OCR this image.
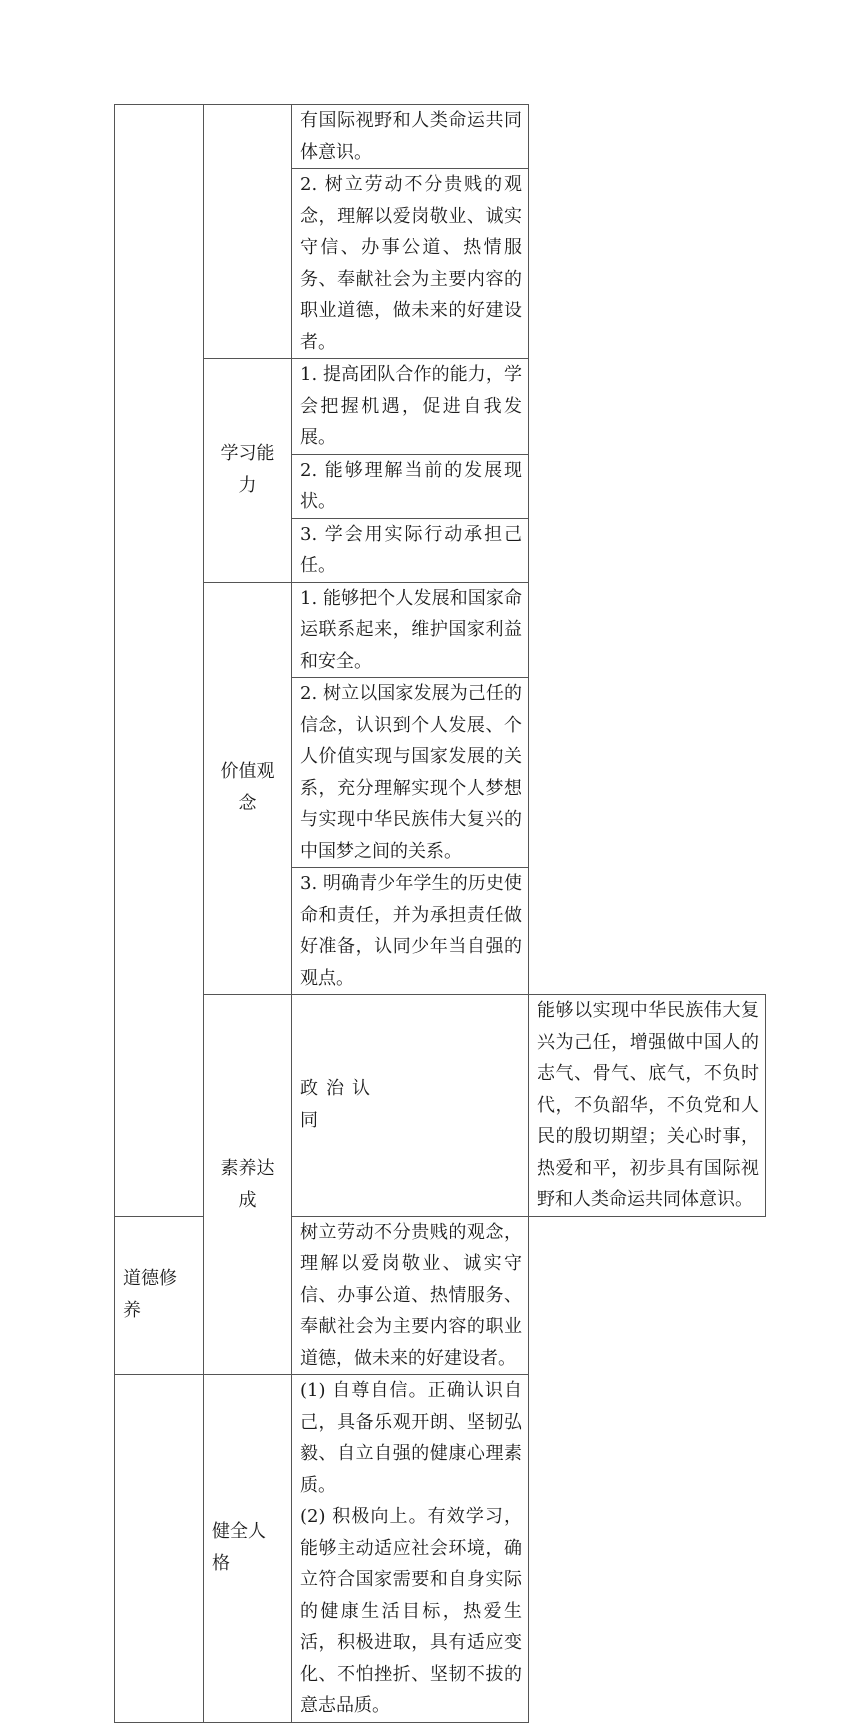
		有国际视野和人类命运共同体意识。	
		2. 树立劳动不分贵贱的观念，理解以爱岗敬业、诚实守信、办事公道、热情服务、奉献社会为主要内容的职业道德，做未来的好建设者。	

	学习能
力	1. 提高团队合作的能力，学会把握机遇，促进自我发展。	
		2. 能够理解当前的发展现状。	
		3. 学会用实际行动承担己任。	

	价值观
念	1. 能够把个人发展和国家命运联系起来，维护国家利益和安全。	
		2. 树立以国家发展为己任的信念，认识到个人发展、个人价值实现与国家发展的关系，充分理解实现个人梦想与实现中华民族伟大复兴的中国梦之间的关系。	
		3. 明确青少年学生的历史使命和责任，并为承担责任做好准备，认同少年当自强的观点。	

	素养达
成	政治认
同	能够以实现中华民族伟大复兴为己任，增强做中国人的志气、骨气、底气，不负时代，不负韶华，不负党和人民的殷切期望；关心时事，热爱和平，初步具有国际视野和人类命运共同体意识。

道德修
养		树立劳动不分贵贱的观念，理解以爱岗敬业、诚实守信、办事公道、热情服务、奉献社会为主要内容的职业道德，做未来的好建设者。	

	健全人
格	(1) 自尊自信。正确认识自己，具备乐观开朗、坚韧弘毅、自立自强的健康心理素质。
(2) 积极向上。有效学习，能够主动适应社会环境，确立符合国家需要和自身实际的健康生活目标，热爱生活，积极进取，具有适应变化、不怕挫折、坚韧不拔的意志品质。	
